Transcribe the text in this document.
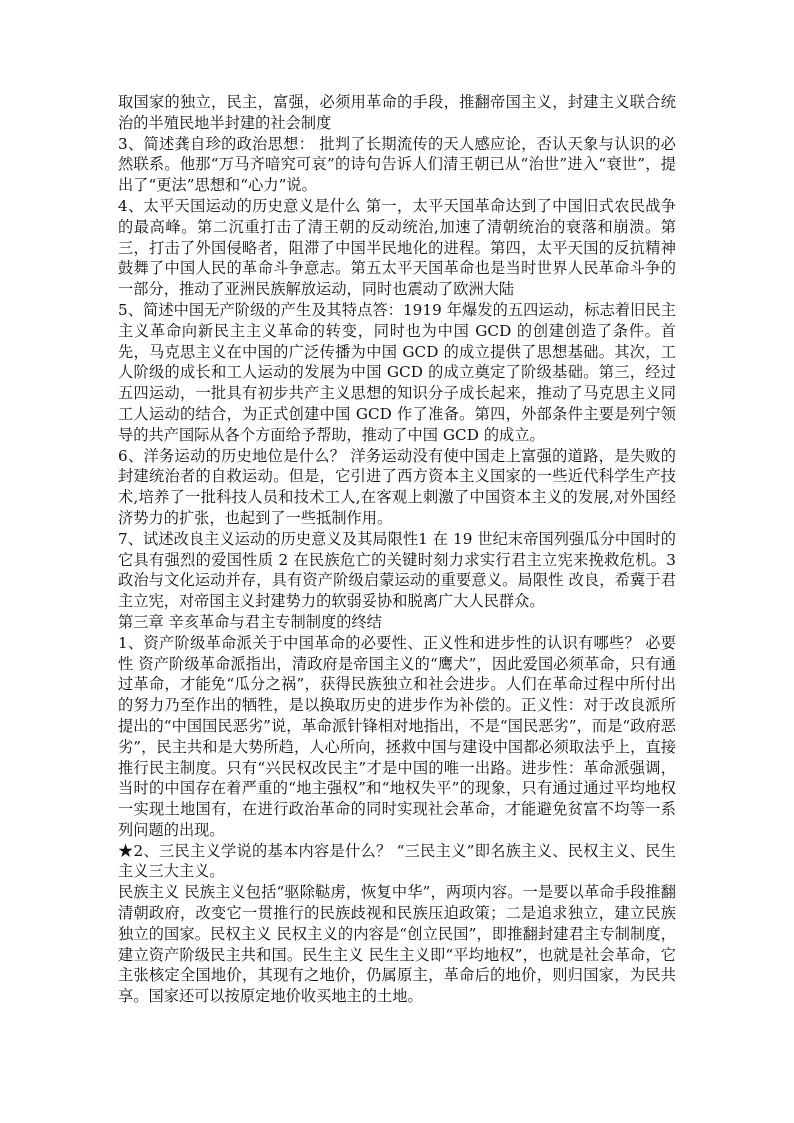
取国家的独立，民主，富强，必须用革命的手段，推翻帝国主义，封建主义联合统治的半殖民地半封建的社会制度

3、简述龚自珍的政治思想： 批判了长期流传的天人感应论，否认天象与认识的必然联系。他那“万马齐喑究可哀”的诗句告诉人们清王朝已从“治世”进入“衰世”，提出了“更法”思想和“心力”说。

4、太平天国运动的历史意义是什么 第一，太平天国革命达到了中国旧式农民战争的最高峰。第二沉重打击了清王朝的反动统治,加速了清朝统治的衰落和崩溃。第三，打击了外国侵略者，阻滞了中国半民地化的进程。第四，太平天国的反抗精神鼓舞了中国人民的革命斗争意志。第五太平天国革命也是当时世界人民革命斗争的一部分，推动了亚洲民族解放运动，同时也震动了欧洲大陆

5、简述中国无产阶级的产生及其特点答：1919 年爆发的五四运动，标志着旧民主主义革命向新民主主义革命的转变，同时也为中国 GCD 的创建创造了条件。首先，马克思主义在中国的广泛传播为中国 GCD 的成立提供了思想基础。其次，工人阶级的成长和工人运动的发展为中国 GCD 的成立奠定了阶级基础。第三，经过五四运动，一批具有初步共产主义思想的知识分子成长起来，推动了马克思主义同工人运动的结合，为正式创建中国 GCD 作了准备。第四，外部条件主要是列宁领导的共产国际从各个方面给予帮助，推动了中国 GCD 的成立。

6、洋务运动的历史地位是什么？ 洋务运动没有使中国走上富强的道路，是失败的封建统治者的自救运动。但是，它引进了西方资本主义国家的一些近代科学生产技术,培养了一批科技人员和技术工人,在客观上刺激了中国资本主义的发展,对外国经济势力的扩张，也起到了一些抵制作用。

7、试述改良主义运动的历史意义及其局限性1 在 19 世纪末帝国列强瓜分中国时的它具有强烈的爱国性质 2 在民族危亡的关键时刻力求实行君主立宪来挽救危机。3 政治与文化运动并存，具有资产阶级启蒙运动的重要意义。局限性 改良，希冀于君主立宪，对帝国主义封建势力的软弱妥协和脱离广大人民群众。

第三章 辛亥革命与君主专制制度的终结

1、资产阶级革命派关于中国革命的必要性、正义性和进步性的认识有哪些？ 必要性 资产阶级革命派指出，清政府是帝国主义的“鹰犬”，因此爱国必须革命，只有通过革命，才能免“瓜分之祸”，获得民族独立和社会进步。人们在革命过程中所付出的努力乃至作出的牺牲，是以换取历史的进步作为补偿的。正义性：对于改良派所提出的“中国国民恶劣”说，革命派针锋相对地指出，不是“国民恶劣”，而是“政府恶劣”，民主共和是大势所趋，人心所向，拯救中国与建设中国都必须取法乎上，直接推行民主制度。只有“兴民权改民主”才是中国的唯一出路。进步性：革命派强调，当时的中国存在着严重的“地主强权”和“地权失平”的现象，只有通过通过平均地权一实现土地国有，在进行政治革命的同时实现社会革命，才能避免贫富不均等一系列问题的出现。

★2、三民主义学说的基本内容是什么？ “三民主义”即名族主义、民权主义、民生主义三大主义。

民族主义 民族主义包括“驱除鞑虏，恢复中华”，两项内容。一是要以革命手段推翻清朝政府，改变它一贯推行的民族歧视和民族压迫政策；二是追求独立，建立民族独立的国家。民权主义 民权主义的内容是“创立民国”，即推翻封建君主专制制度，建立资产阶级民主共和国。民生主义 民生主义即“平均地权”，也就是社会革命，它主张核定全国地价，其现有之地价，仍属原主，革命后的地价，则归国家，为民共享。国家还可以按原定地价收买地主的土地。
